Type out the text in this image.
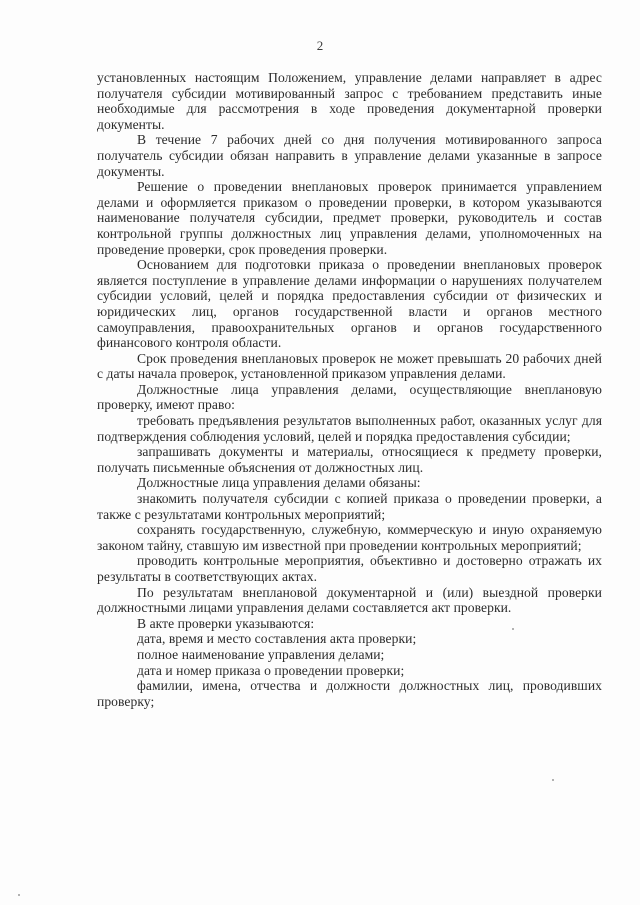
2

установленных настоящим Положением, управление делами направляет в адрес получателя субсидии мотивированный запрос с требованием представить иные необходимые для рассмотрения в ходе проведения документарной проверки документы.

В течение 7 рабочих дней со дня получения мотивированного запроса получатель субсидии обязан направить в управление делами указанные в запросе документы.

Решение о проведении внеплановых проверок принимается управлением делами и оформляется приказом о проведении проверки, в котором указываются наименование получателя субсидии, предмет проверки, руководитель и состав контрольной группы должностных лиц управления делами, уполномоченных на проведение проверки, срок проведения проверки.

Основанием для подготовки приказа о проведении внеплановых проверок является поступление в управление делами информации о нарушениях получателем субсидии условий, целей и порядка предоставления субсидии от физических и юридических лиц, органов государственной власти и органов местного самоуправления, правоохранительных органов и органов государственного финансового контроля области.

Срок проведения внеплановых проверок не может превышать 20 рабочих дней с даты начала проверок, установленной приказом управления делами.

Должностные лица управления делами, осуществляющие внеплановую проверку, имеют право:

требовать предъявления результатов выполненных работ, оказанных услуг для подтверждения соблюдения условий, целей и порядка предоставления субсидии;

запрашивать документы и материалы, относящиеся к предмету проверки, получать письменные объяснения от должностных лиц.

Должностные лица управления делами обязаны:

знакомить получателя субсидии с копией приказа о проведении проверки, а также с результатами контрольных мероприятий;

сохранять государственную, служебную, коммерческую и иную охраняемую законом тайну, ставшую им известной при проведении контрольных мероприятий;

проводить контрольные мероприятия, объективно и достоверно отражать их результаты в соответствующих актах.

По результатам внеплановой документарной и (или) выездной проверки должностными лицами управления делами составляется акт проверки.

В акте проверки указываются:

дата, время и место составления акта проверки;

полное наименование управления делами;

дата и номер приказа о проведении проверки;

фамилии, имена, отчества и должности должностных лиц, проводивших проверку;
